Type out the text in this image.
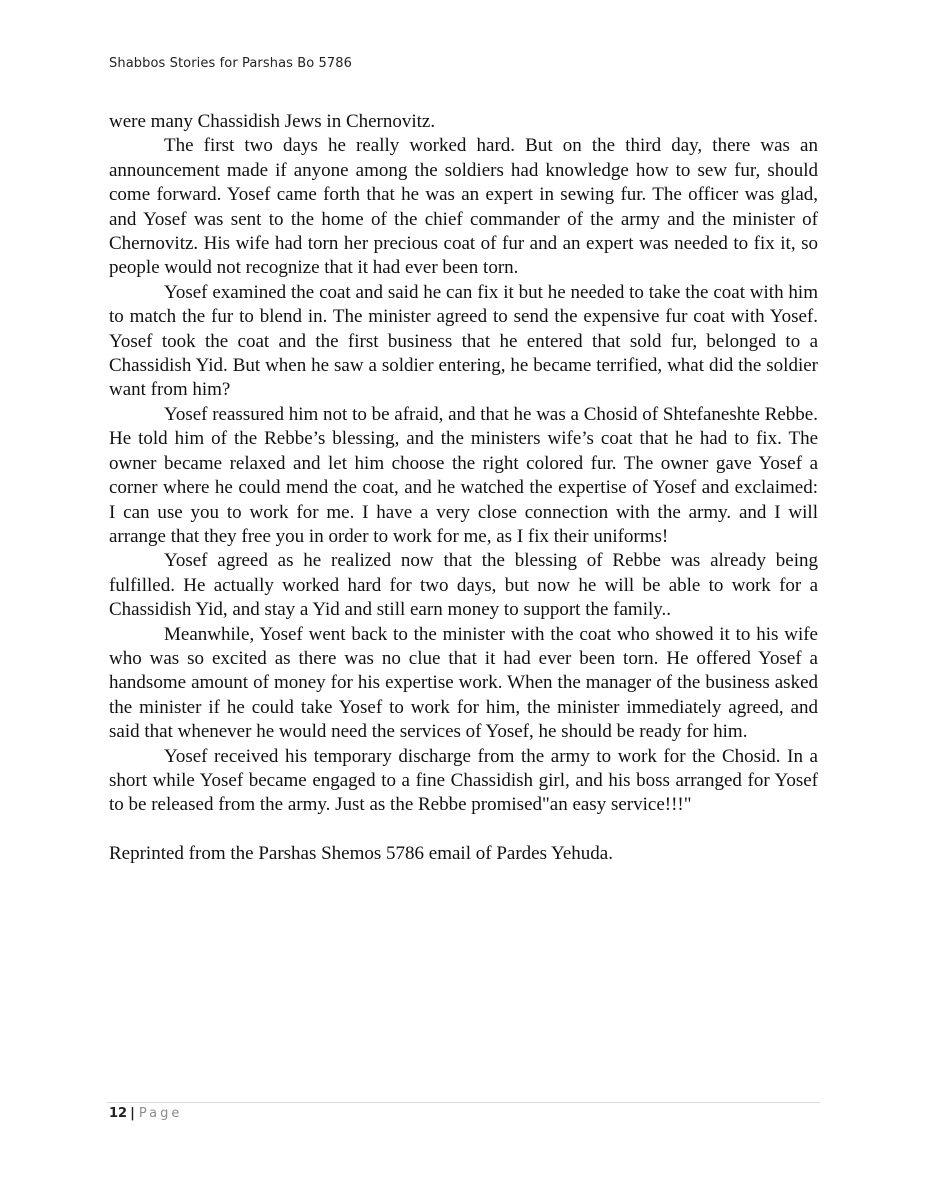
Shabbos Stories for Parshas Bo 5786

were many Chassidish Jews in Chernovitz.

The first two days he really worked hard. But on the third day, there was an announcement made if anyone among the soldiers had knowledge how to sew fur, should come forward. Yosef came forth that he was an expert in sewing fur. The officer was glad, and Yosef was sent to the home of the chief commander of the army and the minister of Chernovitz. His wife had torn her precious coat of fur and an expert was needed to fix it, so people would not recognize that it had ever been torn.

Yosef examined the coat and said he can fix it but he needed to take the coat with him to match the fur to blend in. The minister agreed to send the expensive fur coat with Yosef. Yosef took the coat and the first business that he entered that sold fur, belonged to a Chassidish Yid. But when he saw a soldier entering, he became terrified, what did the soldier want from him?

Yosef reassured him not to be afraid, and that he was a Chosid of Shtefaneshte Rebbe. He told him of the Rebbe’s blessing, and the ministers wife’s coat that he had to fix. The owner became relaxed and let him choose the right colored fur. The owner gave Yosef a corner where he could mend the coat, and he watched the expertise of Yosef and exclaimed: I can use you to work for me. I have a very close connection with the army. and I will arrange that they free you in order to work for me, as I fix their uniforms!

Yosef agreed as he realized now that the blessing of Rebbe was already being fulfilled. He actually worked hard for two days, but now he will be able to work for a Chassidish Yid, and stay a Yid and still earn money to support the family..

Meanwhile, Yosef went back to the minister with the coat who showed it to his wife who was so excited as there was no clue that it had ever been torn. He offered Yosef a handsome amount of money for his expertise work. When the manager of the business asked the minister if he could take Yosef to work for him, the minister immediately agreed, and said that whenever he would need the services of Yosef, he should be ready for him.

Yosef received his temporary discharge from the army to work for the Chosid. In a short while Yosef became engaged to a fine Chassidish girl, and his boss arranged for Yosef to be released from the army. Just as the Rebbe promised"an easy service!!!"

Reprinted from the Parshas Shemos 5786 email of Pardes Yehuda.

12 | Page
